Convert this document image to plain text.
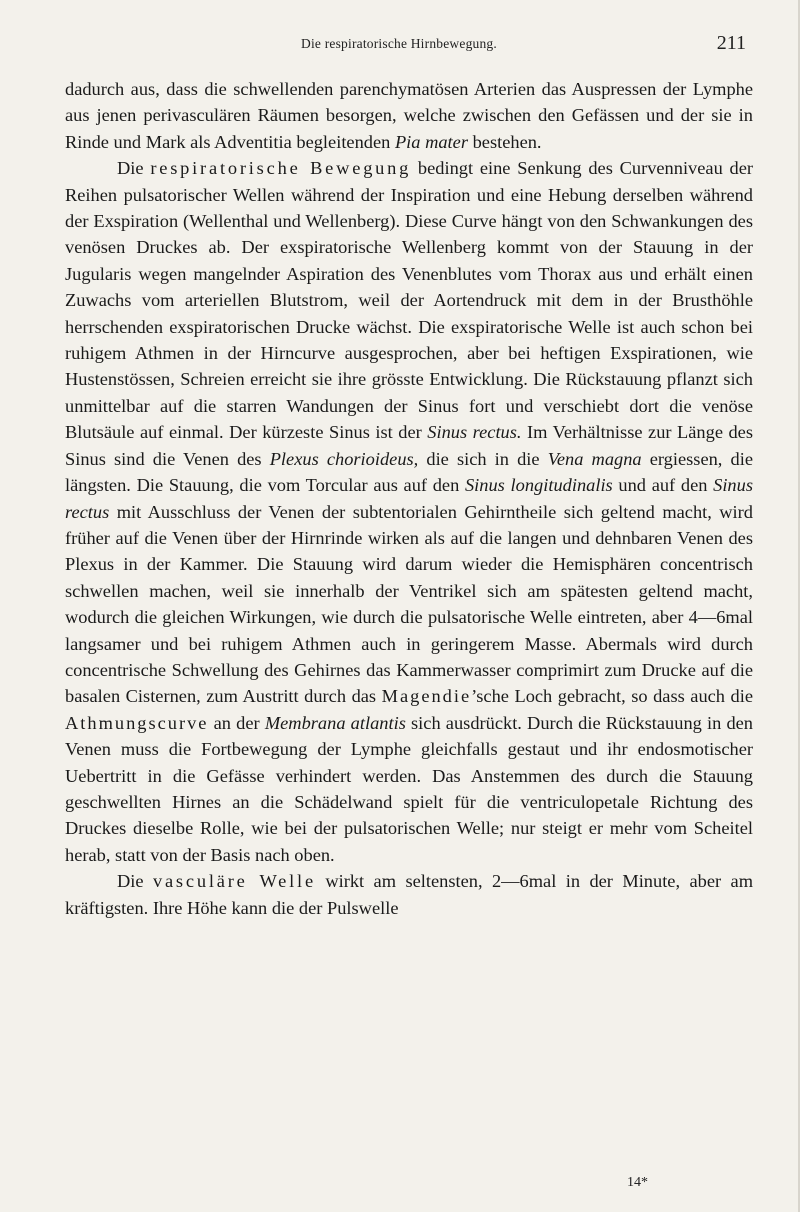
Die respiratorische Hirnbewegung.	211

dadurch aus, dass die schwellenden parenchymatösen Arterien das Auspressen der Lymphe aus jenen perivasculären Räumen besorgen, welche zwischen den Gefässen und der sie in Rinde und Mark als Adventitia begleitenden Pia mater bestehen.

Die respiratorische Bewegung bedingt eine Senkung des Curvenniveau der Reihen pulsatorischer Wellen während der Inspiration und eine Hebung derselben während der Exspiration (Wellenthal und Wellenberg). Diese Curve hängt von den Schwankungen des venösen Druckes ab. Der exspiratorische Wellenberg kommt von der Stauung in der Jugularis wegen mangelnder Aspiration des Venenblutes vom Thorax aus und erhält einen Zuwachs vom arteriellen Blutstrom, weil der Aortendruck mit dem in der Brusthöhle herrschenden exspiratorischen Drucke wächst. Die exspiratorische Welle ist auch schon bei ruhigem Athmen in der Hirncurve ausgesprochen, aber bei heftigen Exspirationen, wie Hustenstössen, Schreien erreicht sie ihre grösste Entwicklung. Die Rückstauung pflanzt sich unmittelbar auf die starren Wandungen der Sinus fort und verschiebt dort die venöse Blutsäule auf einmal. Der kürzeste Sinus ist der Sinus rectus. Im Verhältnisse zur Länge des Sinus sind die Venen des Plexus chorioideus, die sich in die Vena magna ergiessen, die längsten. Die Stauung, die vom Torcular aus auf den Sinus longitudinalis und auf den Sinus rectus mit Ausschluss der Venen der subtentorialen Gehirntheile sich geltend macht, wird früher auf die Venen über der Hirnrinde wirken als auf die langen und dehnbaren Venen des Plexus in der Kammer. Die Stauung wird darum wieder die Hemisphären concentrisch schwellen machen, weil sie innerhalb der Ventrikel sich am spätesten geltend macht, wodurch die gleichen Wirkungen, wie durch die pulsatorische Welle eintreten, aber 4—6mal langsamer und bei ruhigem Athmen auch in geringerem Masse. Abermals wird durch concentrische Schwellung des Gehirnes das Kammerwasser comprimirt zum Drucke auf die basalen Cisternen, zum Austritt durch das Magendie’sche Loch gebracht, so dass auch die Athmungscurve an der Membrana atlantis sich ausdrückt. Durch die Rückstauung in den Venen muss die Fortbewegung der Lymphe gleichfalls gestaut und ihr endosmotischer Uebertritt in die Gefässe verhindert werden. Das Anstemmen des durch die Stauung geschwellten Hirnes an die Schädelwand spielt für die ventriculopetale Richtung des Druckes dieselbe Rolle, wie bei der pulsatorischen Welle; nur steigt er mehr vom Scheitel herab, statt von der Basis nach oben.

Die vasculäre Welle wirkt am seltensten, 2—6mal in der Minute, aber am kräftigsten. Ihre Höhe kann die der Pulswelle

14*
